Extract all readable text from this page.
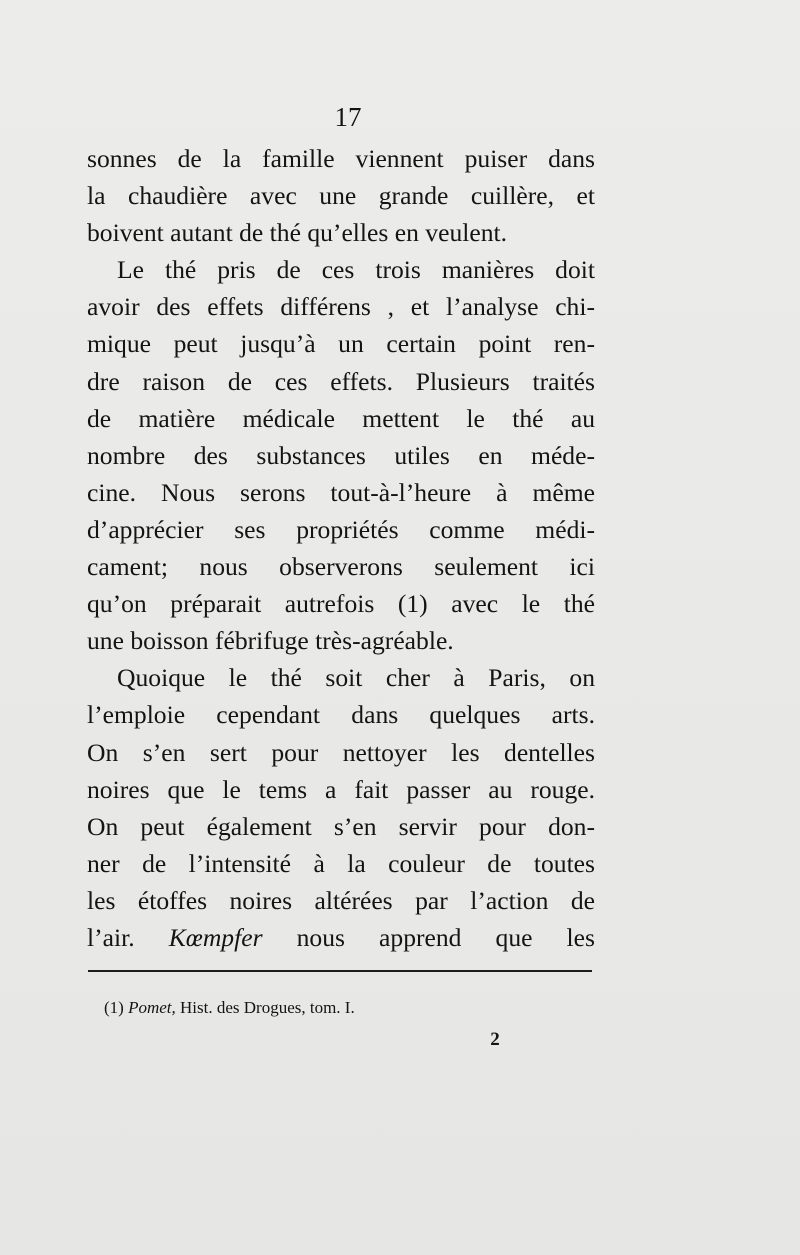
17
sonnes de la famille viennent puiser dans
la chaudière avec une grande cuillère, et
boivent autant de thé qu’elles en veulent.
Le thé pris de ces trois manières doit
avoir des effets différens , et l’analyse chi-
mique peut jusqu’à un certain point ren-
dre raison de ces effets. Plusieurs traités
de matière médicale mettent le thé au
nombre des substances utiles en méde-
cine. Nous serons tout-à-l’heure à même
d’apprécier ses propriétés comme médi-
cament; nous observerons seulement ici
qu’on préparait autrefois (1) avec le thé
une boisson fébrifuge très-agréable.
Quoique le thé soit cher à Paris, on
l’emploie cependant dans quelques arts.
On s’en sert pour nettoyer les dentelles
noires que le tems a fait passer au rouge.
On peut également s’en servir pour don-
ner de l’intensité à la couleur de toutes
les étoffes noires altérées par l’action de
l’air. Kœmpfer nous apprend que les
(1) Pomet, Hist. des Drogues, tom. I.
2
